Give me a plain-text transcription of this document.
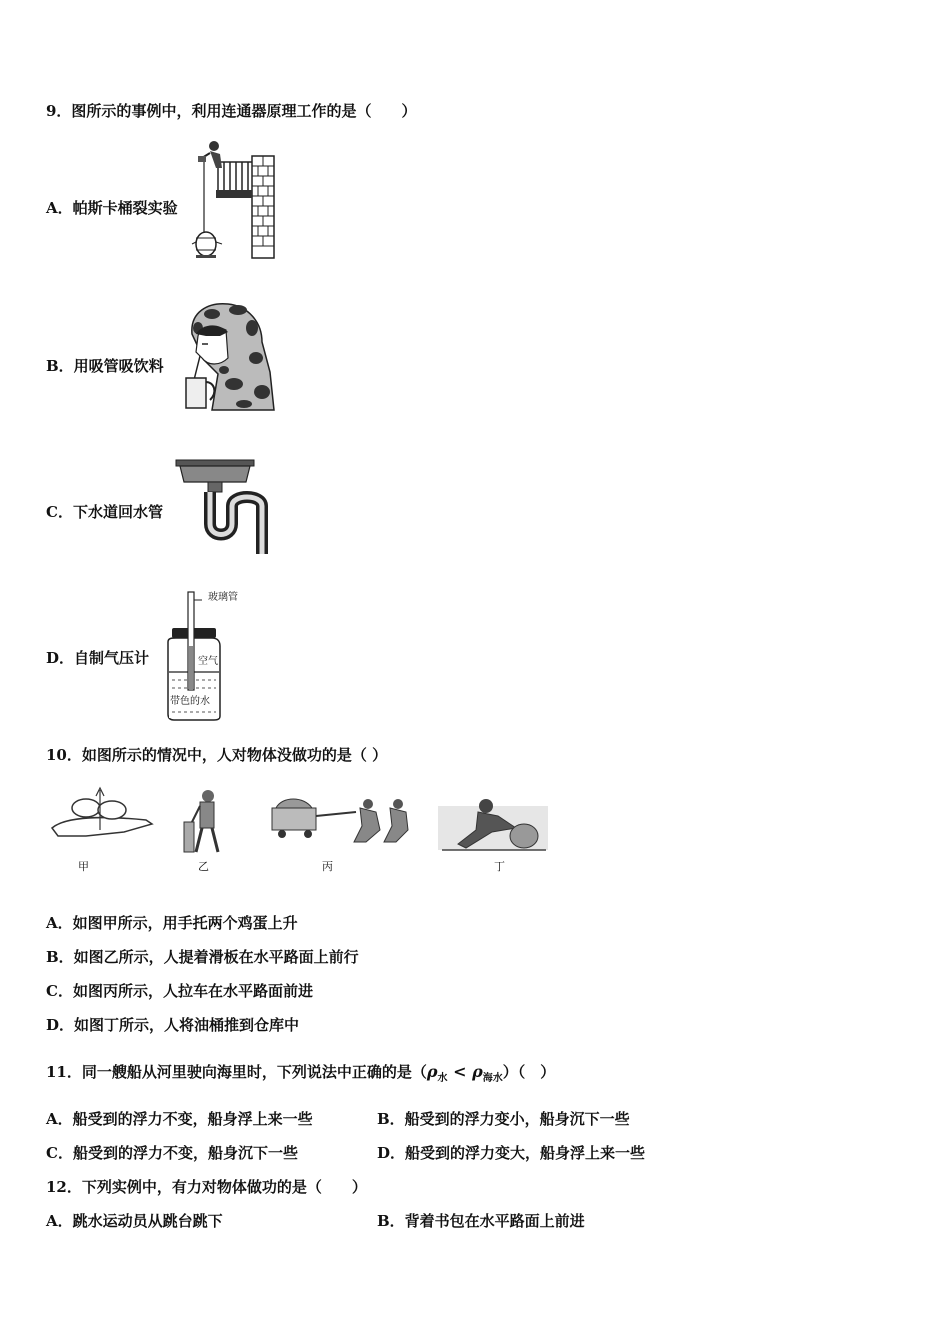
9．图所示的事例中，利用连通器原理工作的是（　　）
A．帕斯卡桶裂实验
B．用吸管吸饮料
C．下水道回水管
D．自制气压计
玻璃管
空气
带色的水
10．如图所示的情况中，人对物体没做功的是（ ）
甲	乙	丙	丁
A．如图甲所示，用手托两个鸡蛋上升
B．如图乙所示，人提着滑板在水平路面上前行
C．如图丙所示，人拉车在水平路面前进
D．如图丁所示，人将油桶推到仓库中
11．同一艘船从河里驶向海里时，下列说法中正确的是$(\rho_水 < \rho_{海水})$（　）
A．船受到的浮力不变，船身浮上来一些	B．船受到的浮力变小，船身沉下一些
C．船受到的浮力不变，船身沉下一些	D．船受到的浮力变大，船身浮上来一些
12．下列实例中，有力对物体做功的是（　　）
A．跳水运动员从跳台跳下	B．背着书包在水平路面上前进
